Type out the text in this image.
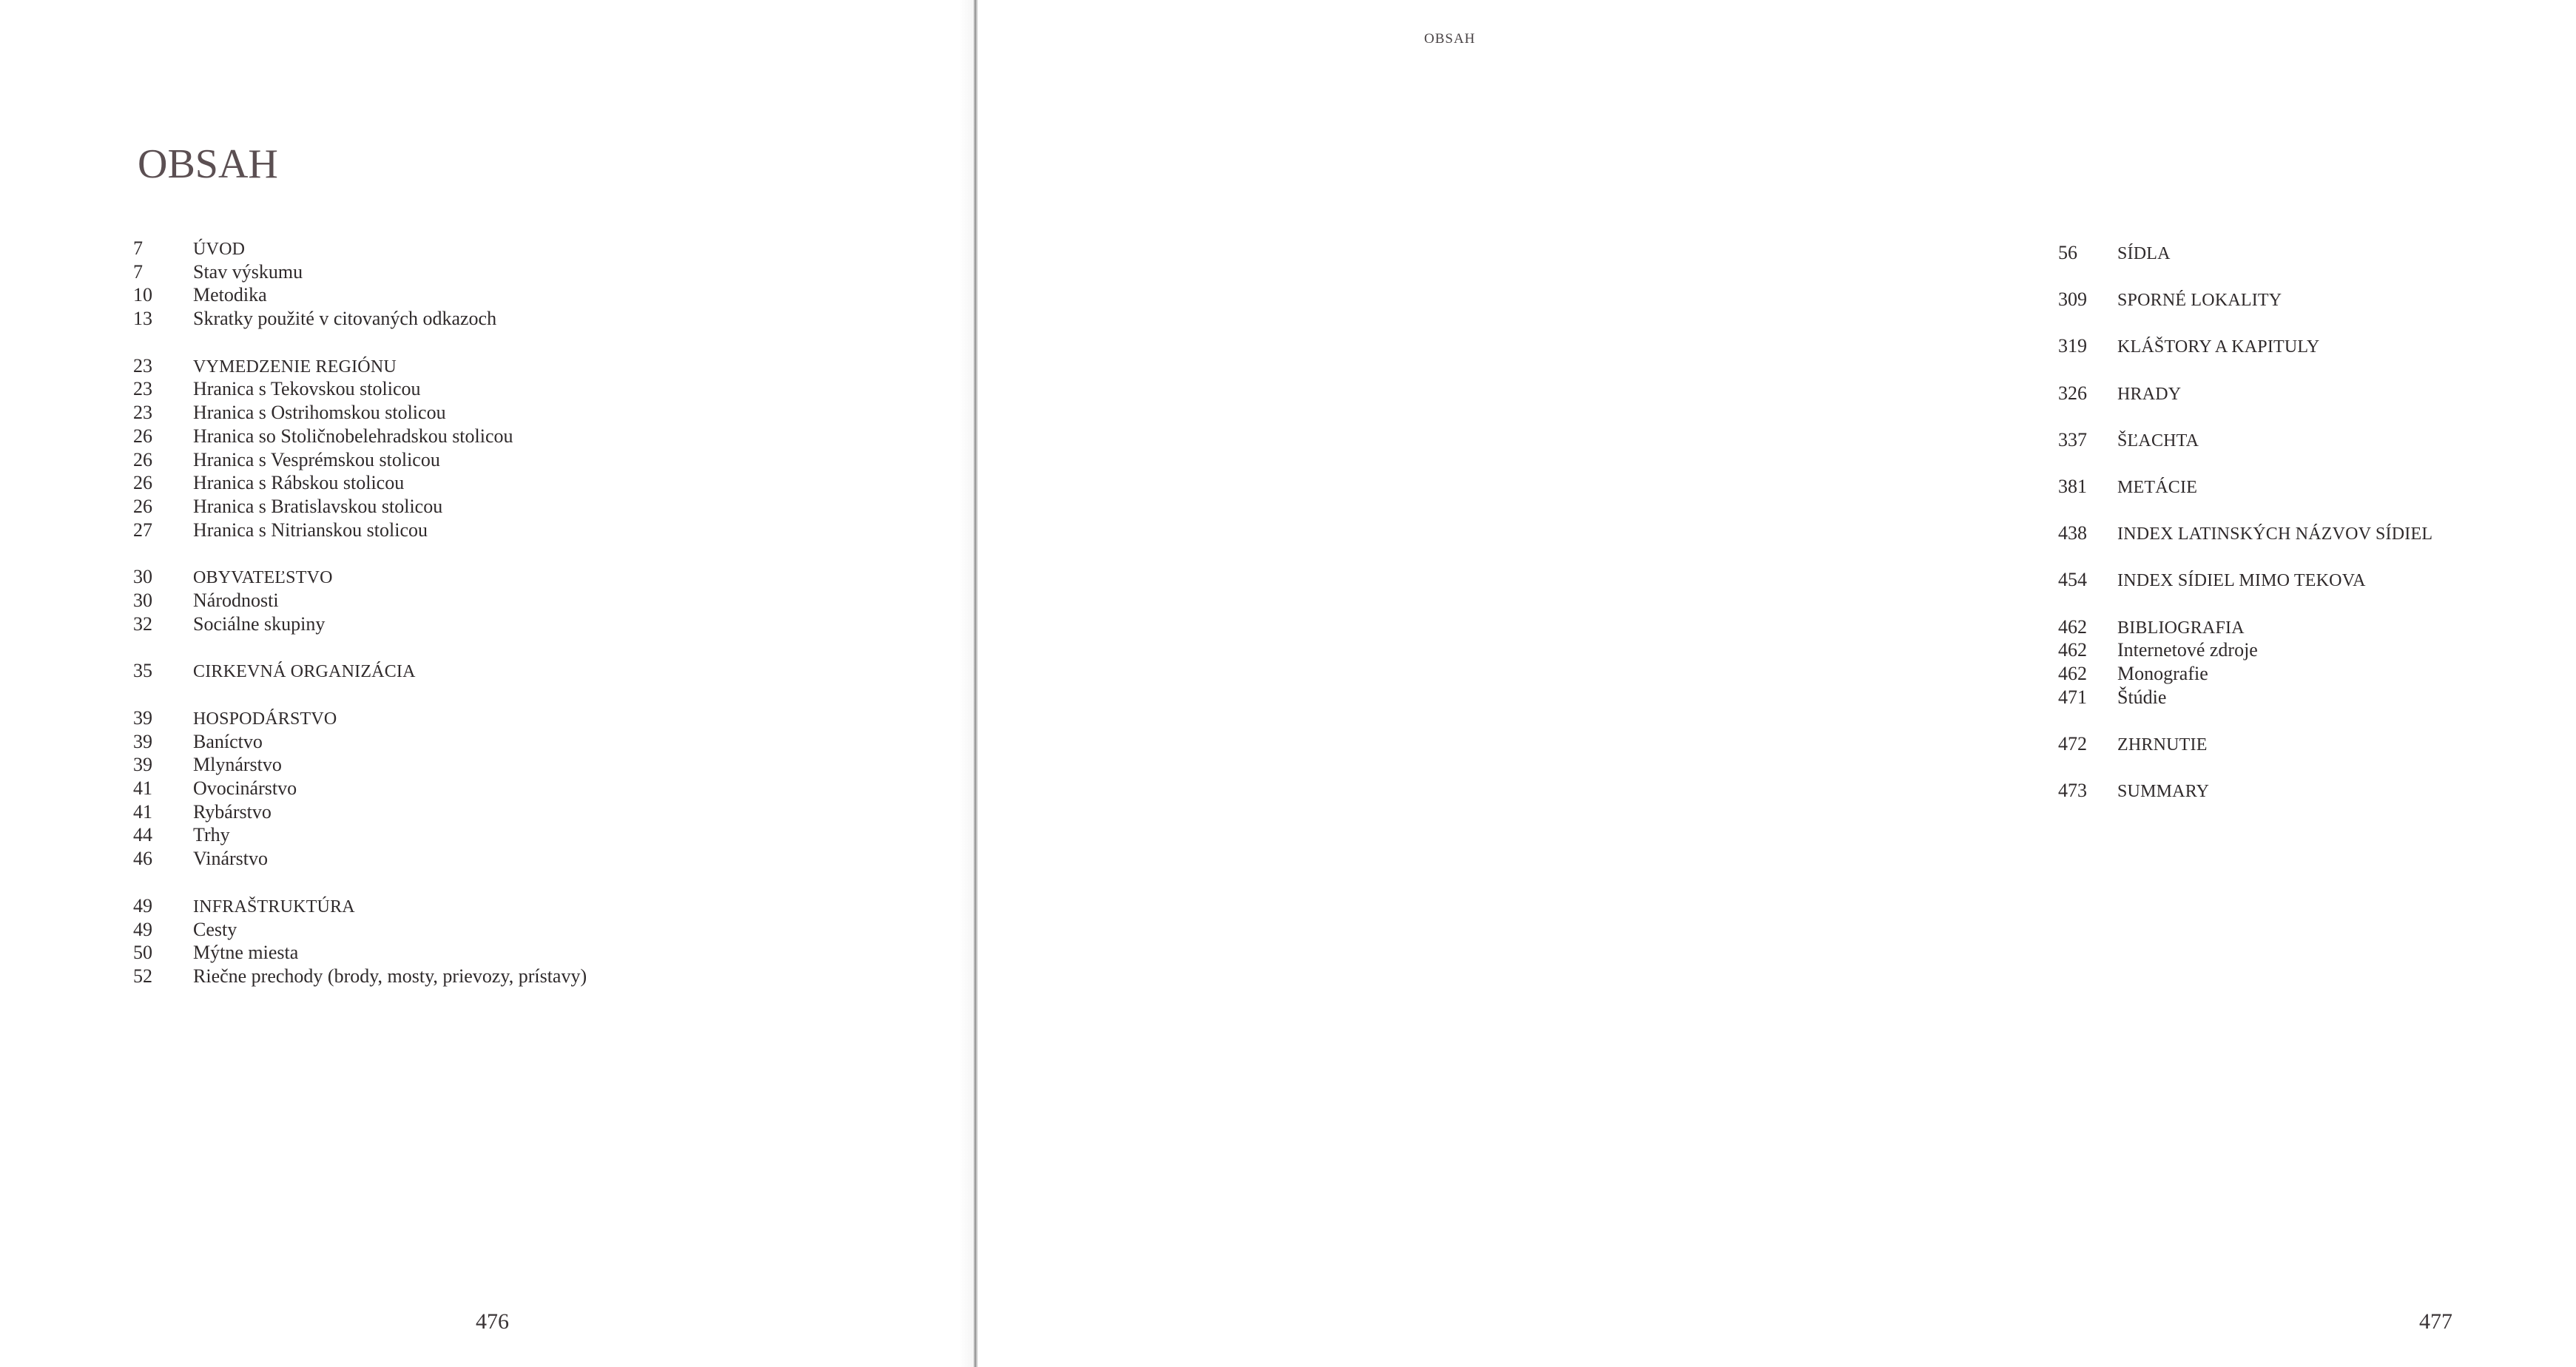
OBSAH
7	ÚVOD
7	Stav výskumu
10	Metodika
13	Skratky použité v citovaných odkazoch
23	VYMEDZENIE REGIÓNU
23	Hranica s Tekovskou stolicou
23	Hranica s Ostrihomskou stolicou
26	Hranica so Stoličnobelehradskou stolicou
26	Hranica s Vesprémskou stolicou
26	Hranica s Rábskou stolicou
26	Hranica s Bratislavskou stolicou
27	Hranica s Nitrianskou stolicou
30	OBYVATEĽSTVO
30	Národnosti
32	Sociálne skupiny
35	CIRKEVNÁ ORGANIZÁCIA
39	HOSPODÁRSTVO
39	Baníctvo
39	Mlynárstvo
41	Ovocinárstvo
41	Rybárstvo
44	Trhy
46	Vinárstvo
49	INFRAŠTRUKTÚRA
49	Cesty
50	Mýtne miesta
52	Riečne prechody (brody, mosty, prievozy, prístavy)
476
56	SÍDLA
309	SPORNÉ LOKALITY
319	KLÁŠTORY A KAPITULY
326	HRADY
337	ŠĽACHTA
381	METÁCIE
438	INDEX LATINSKÝCH NÁZVOV SÍDIEL
454	INDEX SÍDIEL MIMO TEKOVA
462	BIBLIOGRAFIA
462	Internetové zdroje
462	Monografie
471	Štúdie
472	ZHRNUTIE
473	SUMMARY
477
OBSAH
